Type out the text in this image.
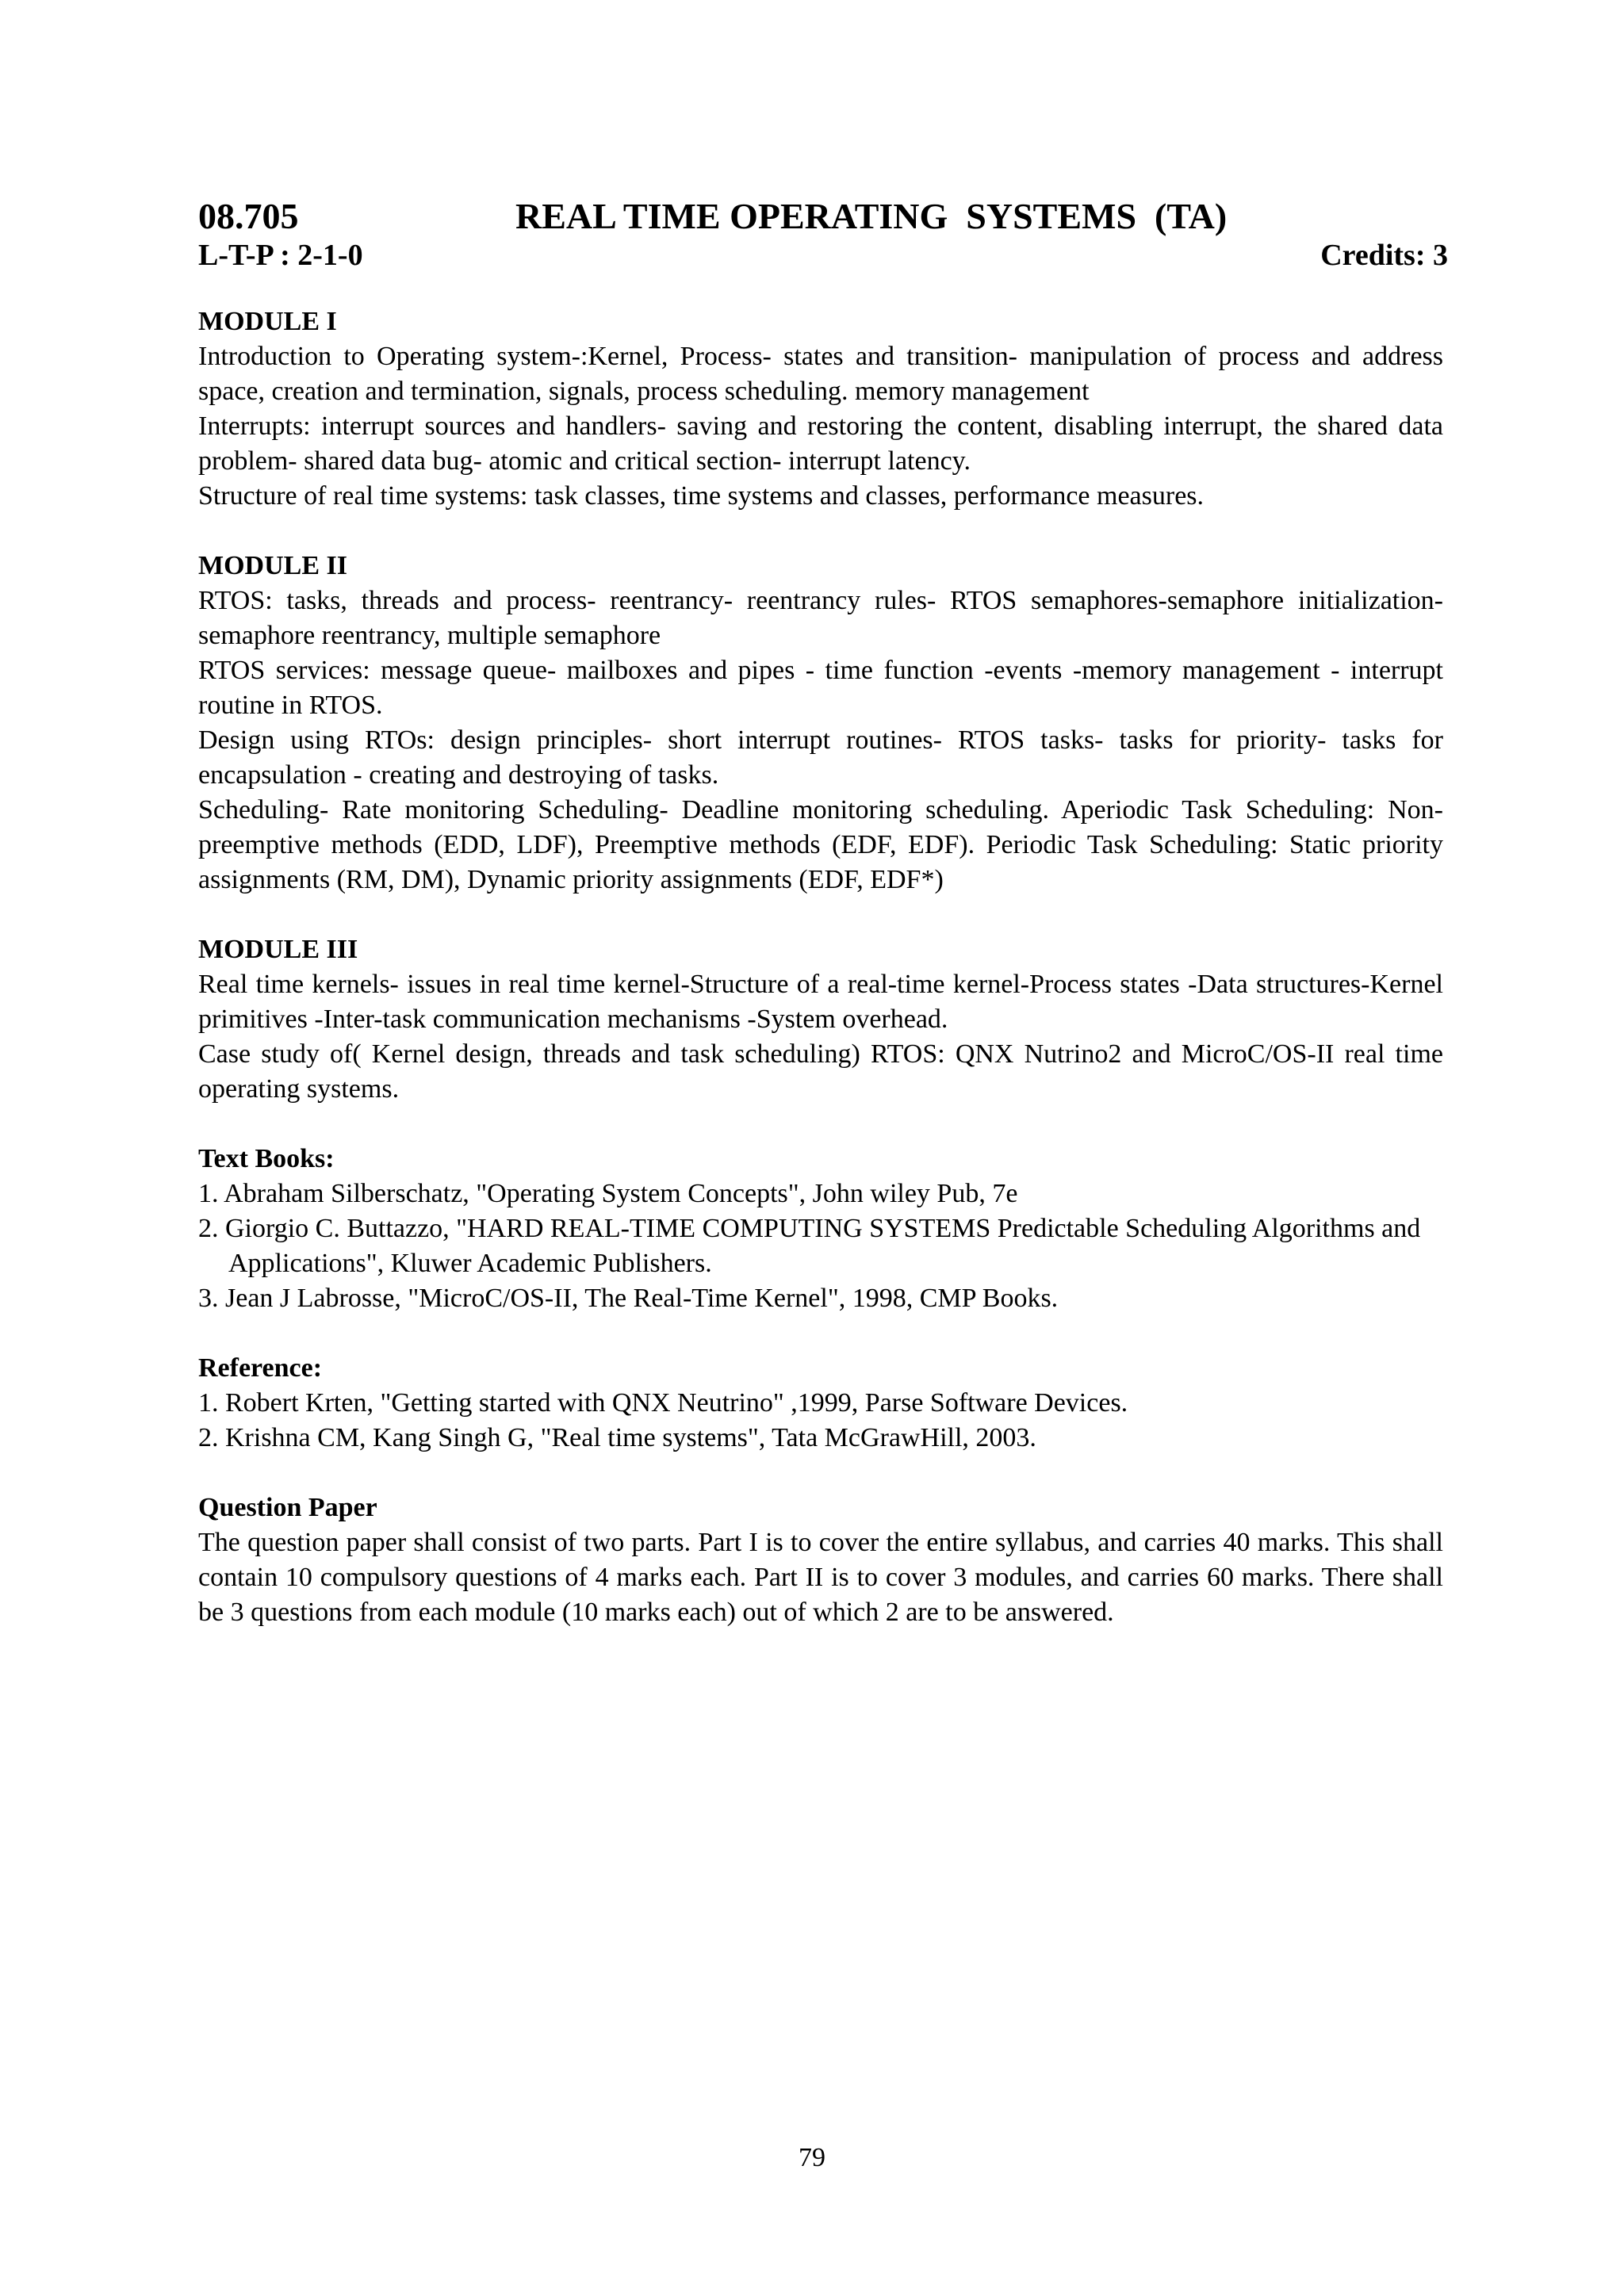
08.705	REAL TIME OPERATING  SYSTEMS  (TA)
L-T-P : 2-1-0	Credits: 3
MODULE I

Introduction to Operating system-:Kernel, Process- states and transition- manipulation of process and address space, creation and termination, signals, process scheduling. memory management

Interrupts: interrupt sources and handlers- saving and restoring the content, disabling interrupt, the shared data problem- shared data bug- atomic and critical section- interrupt latency.

Structure of real time systems: task classes, time systems and classes, performance measures.

MODULE II

RTOS: tasks, threads and process- reentrancy- reentrancy rules- RTOS semaphores-semaphore initialization-semaphore reentrancy, multiple semaphore

RTOS services: message queue- mailboxes and pipes - time function -events -memory management - interrupt routine in RTOS.

Design using RTOs: design principles- short interrupt routines- RTOS tasks- tasks for priority- tasks for encapsulation - creating and destroying of tasks.

Scheduling- Rate monitoring Scheduling- Deadline monitoring scheduling. Aperiodic Task Scheduling: Non-preemptive methods (EDD, LDF), Preemptive methods (EDF, EDF). Periodic Task Scheduling: Static priority assignments (RM, DM), Dynamic priority assignments (EDF, EDF*)

MODULE III

Real time kernels- issues in real time kernel-Structure of a real-time kernel-Process states -Data structures-Kernel primitives -Inter-task communication mechanisms -System overhead.

Case study of( Kernel design, threads and task scheduling) RTOS: QNX Nutrino2 and MicroC/OS-II real time operating systems.

Text Books:

1. Abraham Silberschatz, "Operating System Concepts", John wiley Pub, 7e

2. Giorgio C. Buttazzo, "HARD REAL-TIME COMPUTING SYSTEMS Predictable Scheduling Algorithms and Applications", Kluwer Academic Publishers.

3. Jean J Labrosse, "MicroC/OS-II, The Real-Time Kernel", 1998, CMP Books.

Reference:

1. Robert Krten, "Getting started with QNX Neutrino" ,1999, Parse Software Devices.

2. Krishna CM, Kang Singh G, "Real time systems", Tata McGrawHill, 2003.

Question Paper

The question paper shall consist of two parts. Part I is to cover the entire syllabus, and carries 40 marks. This shall contain 10 compulsory questions of 4 marks each. Part II is to cover 3 modules, and carries 60 marks. There shall be 3 questions from each module (10 marks each) out of which 2 are to be answered.

79
